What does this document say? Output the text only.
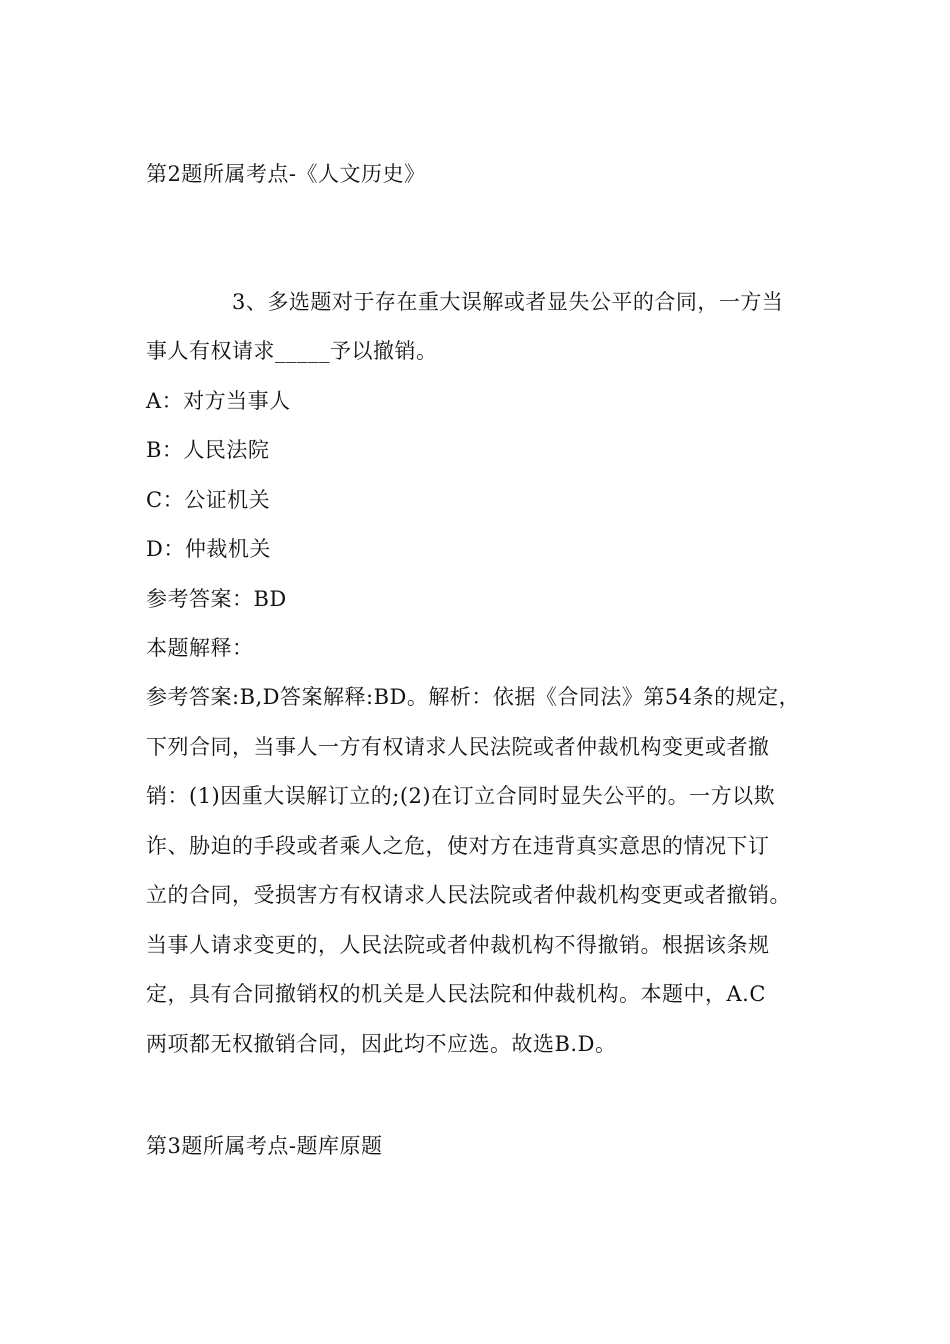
第2题所属考点-《人文历史》
3、多选题对于存在重大误解或者显失公平的合同，一方当
事人有权请求_____予以撤销。
A：对方当事人
B：人民法院
C：公证机关
D：仲裁机关
参考答案：BD
本题解释：
参考答案:B,D答案解释:BD。解析：依据《合同法》第54条的规定，
下列合同，当事人一方有权请求人民法院或者仲裁机构变更或者撤
销：(1)因重大误解订立的;(2)在订立合同时显失公平的。一方以欺
诈、胁迫的手段或者乘人之危，使对方在违背真实意思的情况下订
立的合同，受损害方有权请求人民法院或者仲裁机构变更或者撤销。
当事人请求变更的，人民法院或者仲裁机构不得撤销。根据该条规
定，具有合同撤销权的机关是人民法院和仲裁机构。本题中，A.C
两项都无权撤销合同，因此均不应选。故选B.D。
第3题所属考点-题库原题
